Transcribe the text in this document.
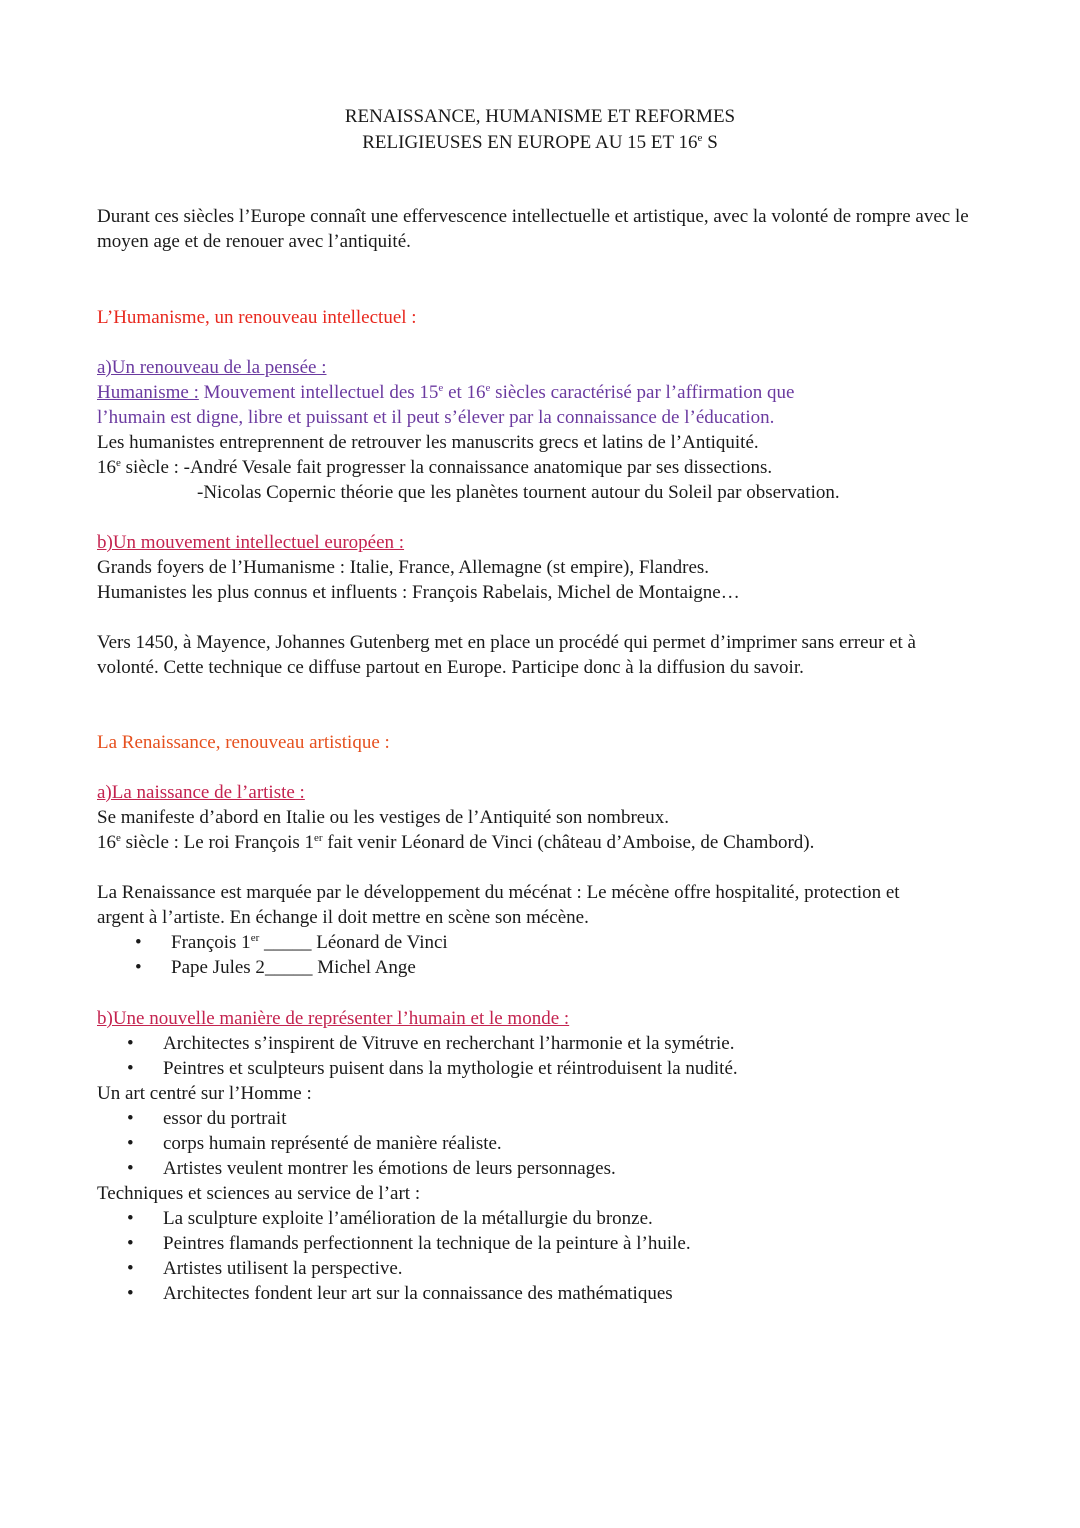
RENAISSANCE, HUMANISME ET REFORMES
RELIGIEUSES EN EUROPE AU 15 ET 16e S
Durant ces siècles l’Europe connaît une effervescence intellectuelle et artistique, avec la volonté de rompre avec le moyen age et de renouer avec l’antiquité.
L’Humanisme, un renouveau intellectuel :
a)Un renouveau de la pensée :
Humanisme : Mouvement intellectuel des 15e et 16e siècles caractérisé par l’affirmation que
l’humain est digne, libre et puissant et il peut s’élever par la connaissance de l’éducation.
Les humanistes entreprennent de retrouver les manuscrits grecs et latins de l’Antiquité.
16e siècle : -André Vesale fait progresser la connaissance anatomique par ses dissections.
-Nicolas Copernic théorie que les planètes tournent autour du Soleil par observation.
b)Un mouvement intellectuel européen :
Grands foyers de l’Humanisme : Italie, France, Allemagne (st empire), Flandres.
Humanistes les plus connus et influents : François Rabelais, Michel de Montaigne…
Vers 1450, à Mayence, Johannes Gutenberg met en place un procédé qui permet d’imprimer sans erreur et à volonté. Cette technique ce diffuse partout en Europe. Participe donc à la diffusion du savoir.
La Renaissance, renouveau artistique :
a)La naissance de l’artiste :
Se manifeste d’abord en Italie ou les vestiges de l’Antiquité son nombreux.
16e siècle : Le roi François 1er fait venir Léonard de Vinci (château d’Amboise, de Chambord).
La Renaissance est marquée par le développement du mécénat : Le mécène offre hospitalité, protection et argent à l’artiste. En échange il doit mettre en scène son mécène.
• François 1er _____ Léonard de Vinci
• Pape Jules 2_____ Michel Ange
b)Une nouvelle manière de représenter l’humain et le monde :
• Architectes s’inspirent de Vitruve en recherchant l’harmonie et la symétrie.
• Peintres et sculpteurs puisent dans la mythologie et réintroduisent la nudité.
Un art centré sur l’Homme :
• essor du portrait
• corps humain représenté de manière réaliste.
• Artistes veulent montrer les émotions de leurs personnages.
Techniques et sciences au service de l’art :
• La sculpture exploite l’amélioration de la métallurgie du bronze.
• Peintres flamands perfectionnent la technique de la peinture à l’huile.
• Artistes utilisent la perspective.
• Architectes fondent leur art sur la connaissance des mathématiques
